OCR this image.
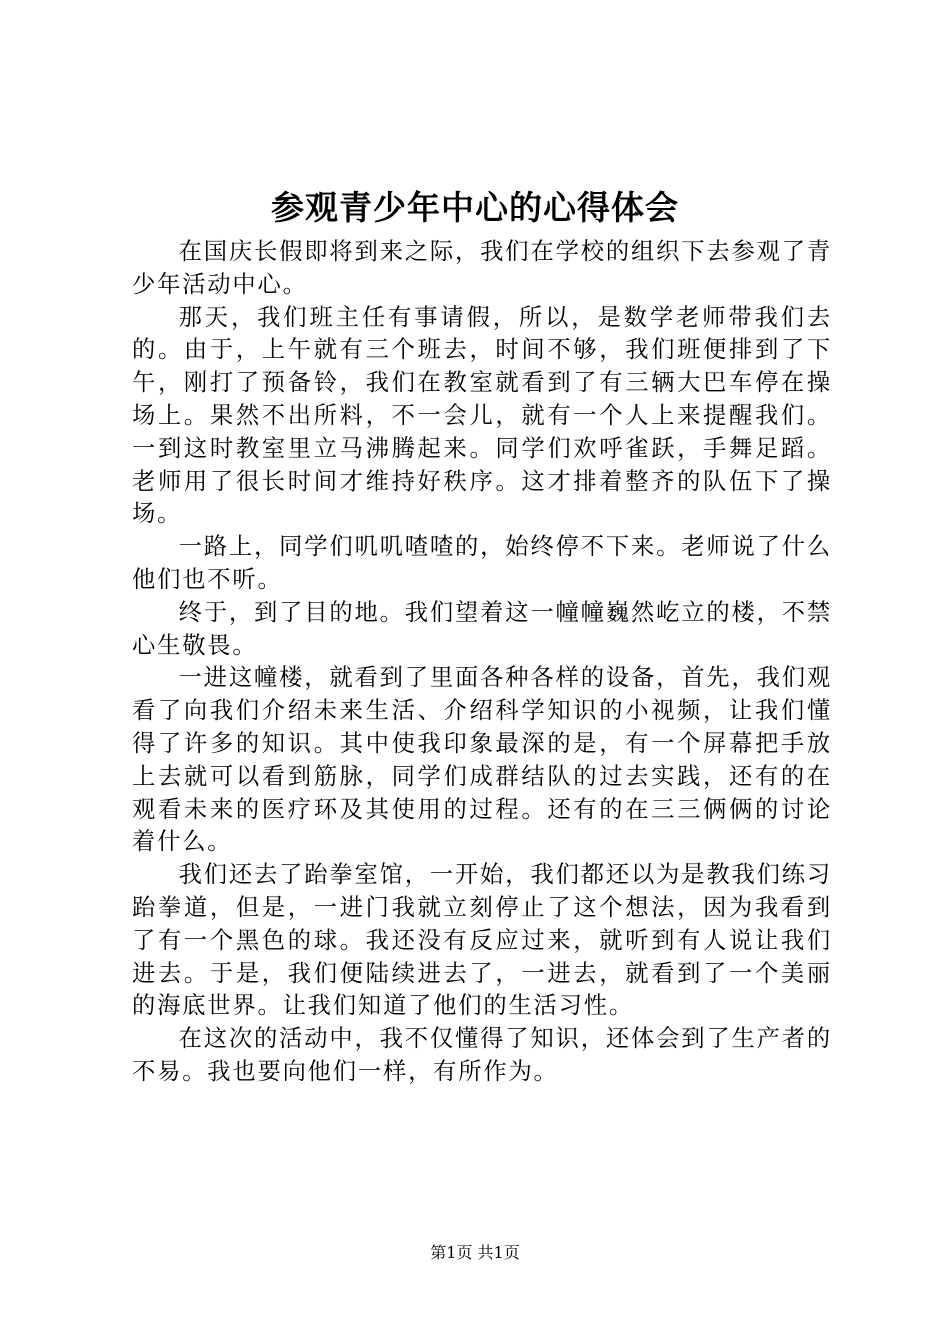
参观青少年中心的心得体会

在国庆长假即将到来之际，我们在学校的组织下去参观了青少年活动中心。

那天，我们班主任有事请假，所以，是数学老师带我们去的。由于，上午就有三个班去，时间不够，我们班便排到了下午，刚打了预备铃，我们在教室就看到了有三辆大巴车停在操场上。果然不出所料，不一会儿，就有一个人上来提醒我们。一到这时教室里立马沸腾起来。同学们欢呼雀跃，手舞足蹈。老师用了很长时间才维持好秩序。这才排着整齐的队伍下了操场。

一路上，同学们叽叽喳喳的，始终停不下来。老师说了什么他们也不听。

终于，到了目的地。我们望着这一幢幢巍然屹立的楼，不禁心生敬畏。

一进这幢楼，就看到了里面各种各样的设备，首先，我们观看了向我们介绍未来生活、介绍科学知识的小视频，让我们懂得了许多的知识。其中使我印象最深的是，有一个屏幕把手放上去就可以看到筋脉，同学们成群结队的过去实践，还有的在观看未来的医疗环及其使用的过程。还有的在三三俩俩的讨论着什么。

我们还去了跆拳室馆，一开始，我们都还以为是教我们练习跆拳道，但是，一进门我就立刻停止了这个想法，因为我看到了有一个黑色的球。我还没有反应过来，就听到有人说让我们进去。于是，我们便陆续进去了，一进去，就看到了一个美丽的海底世界。让我们知道了他们的生活习性。

在这次的活动中，我不仅懂得了知识，还体会到了生产者的不易。我也要向他们一样，有所作为。

第1页 共1页
